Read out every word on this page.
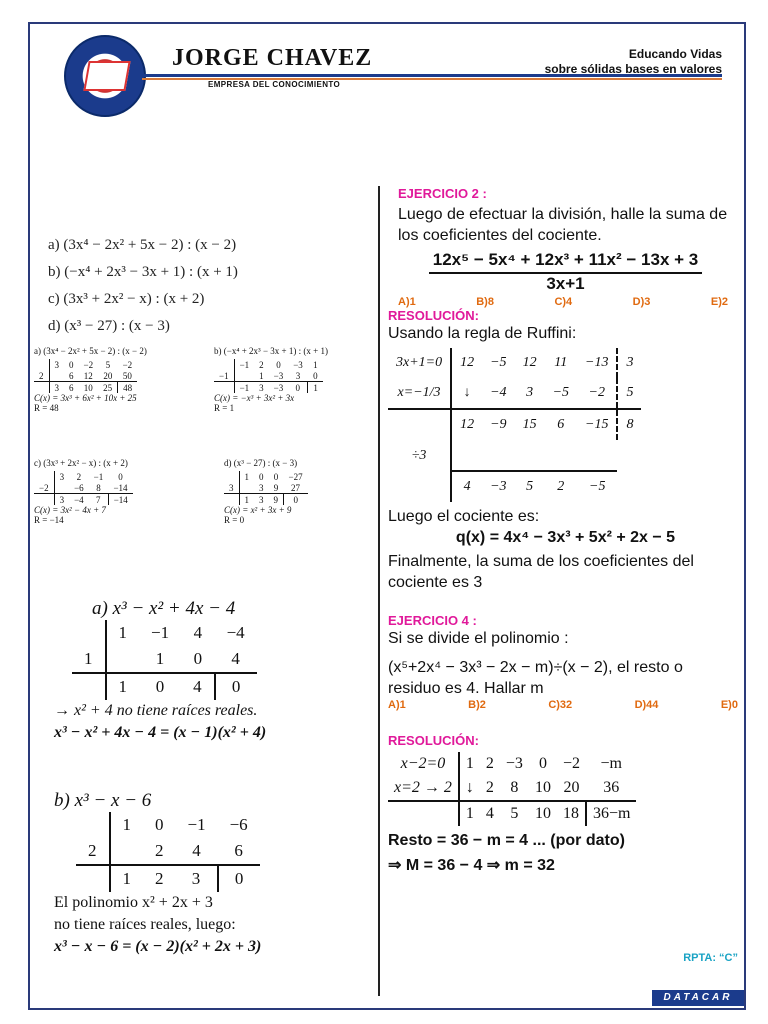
JORGE CHAVEZ
EMPRESA DEL CONOCIMIENTO
Educando Vidas
sobre sólidas bases en valores
a) (3x⁴ − 2x² + 5x − 2) : (x − 2)
b) (−x⁴ + 2x³ − 3x + 1) : (x + 1)
c) (3x³ + 2x² − x) : (x + 2)
d) (x³ − 27) : (x − 3)
a) (3x⁴ − 2x² + 5x − 2) : (x − 2)
	3	0	−2	5	−2
2		6	12	20	50
	3	6	10	25	48
C(x) = 3x³ + 6x² + 10x + 25
R = 48
b) (−x⁴ + 2x³ − 3x + 1) : (x + 1)
	−1	2	0	−3	1
−1		1	−3	3	0
	−1	3	−3	0	1
C(x) = −x³ + 3x² + 3x
R = 1
c) (3x³ + 2x² − x) : (x + 2)
	3	2	−1	0
−2		−6	8	−14
	3	−4	7	−14
C(x) = 3x² − 4x + 7
R = −14
d) (x³ − 27) : (x − 3)
	1	0	0	−27
3		3	9	27
	1	3	9	0
C(x) = x² + 3x + 9
R = 0
a) x³ − x² + 4x − 4
	1	−1	4	−4
1		1	0	4
	1	0	4	0
→ x² + 4 no tiene raíces reales.
x³ − x² + 4x − 4 = (x − 1)(x² + 4)
b) x³ − x − 6
	1	0	−1	−6
2		2	4	6
	1	2	3	0
El polinomio x² + 2x + 3
no tiene raíces reales, luego:
x³ − x − 6 = (x − 2)(x² + 2x + 3)
EJERCICIO 2 :
Luego de efectuar la división, halle la suma de los coeficientes del cociente.
12x⁵ − 5x⁴ + 12x³ + 11x² − 13x + 3
3x+1
A)1	B)8	C)4	D)3	E)2
RESOLUCIÓN:
Usando la regla de Ruffini:
3x+1=0	12	−5	12	11	−13	3
x=−1/3	↓	−4	3	−5	−2	5
	12	−9	15	6	−15	8
÷3						
	4	−3	5	2	−5	
Luego el cociente es:
q(x) = 4x⁴ − 3x³ + 5x² + 2x − 5
Finalmente, la suma de los coeficientes del cociente es 3
EJERCICIO 4 :
Si se divide el polinomio :
(x⁵+2x⁴ − 3x³ − 2x − m)÷(x − 2), el resto o
residuo es 4. Hallar m
A)1	B)2	C)32	D)44	E)0
RESOLUCIÓN:
x−2=0	1	2	−3	0	−2	−m
x=2 → 2	↓	2	8	10	20	36
	1	4	5	10	18	36−m
Resto = 36 − m = 4 ... (por dato)
⇒ M = 36 − 4 ⇒ m = 32
RPTA: “C”
DATACAR
